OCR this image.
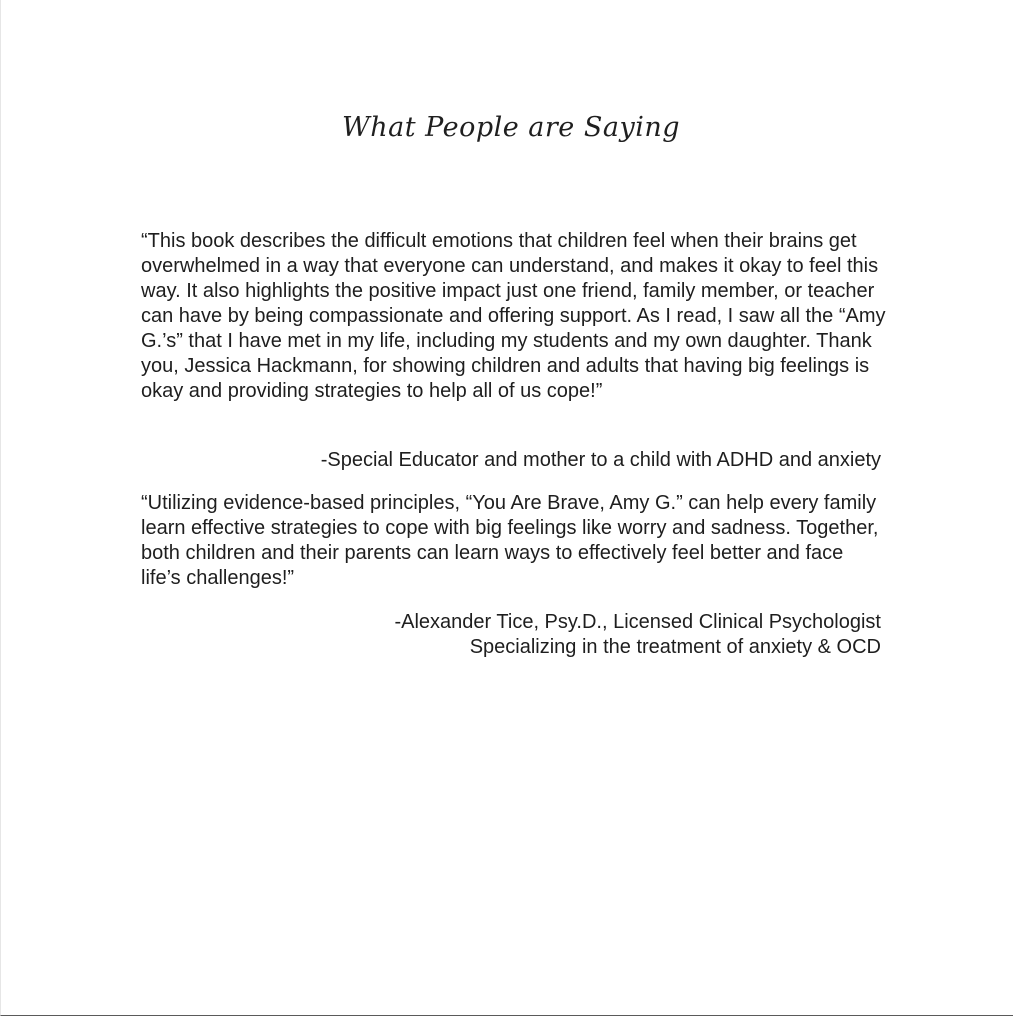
What People are Saying

“This book describes the difficult emotions that children feel when their brains get overwhelmed in a way that everyone can understand, and makes it okay to feel this way. It also highlights the positive impact just one friend, family member, or teacher can have by being compassionate and offering support. As I read, I saw all the “Amy G.’s” that I have met in my life, including my students and my own daughter. Thank you, Jessica Hackmann, for showing children and adults that having big feelings is okay and providing strategies to help all of us cope!”

-Special Educator and mother to a child with ADHD and anxiety

“Utilizing evidence-based principles, “You Are Brave, Amy G.” can help every family learn effective strategies to cope with big feelings like worry and sadness. Together, both children and their parents can learn ways to effectively feel better and face life’s challenges!”

-Alexander Tice, Psy.D., Licensed Clinical Psychologist
Specializing in the treatment of anxiety & OCD
